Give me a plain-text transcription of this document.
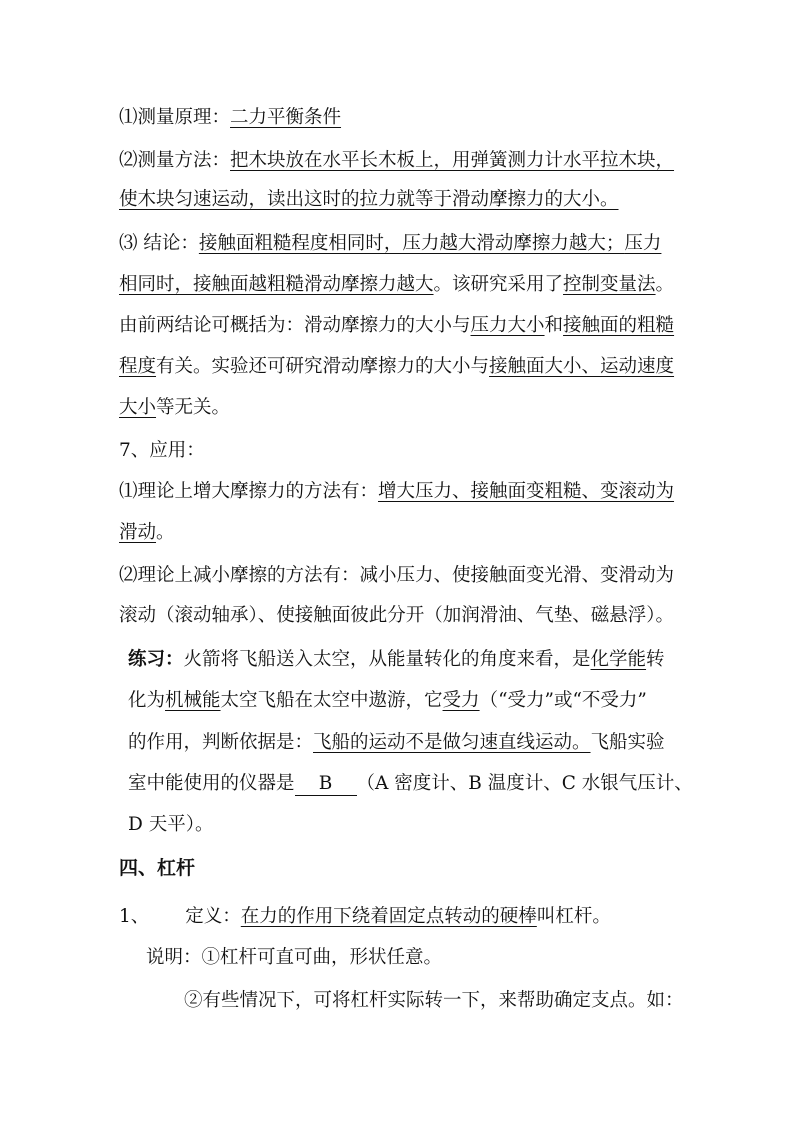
⑴测量原理：二力平衡条件
⑵测量方法：把木块放在水平长木板上，用弹簧测力计水平拉木块，
使木块匀速运动，读出这时的拉力就等于滑动摩擦力的大小。
⑶ 结论：接触面粗糙程度相同时，压力越大滑动摩擦力越大；压力
相同时，接触面越粗糙滑动摩擦力越大。该研究采用了控制变量法。
由前两结论可概括为：滑动摩擦力的大小与压力大小和接触面的粗糙
程度有关。实验还可研究滑动摩擦力的大小与接触面大小、运动速度
大小等无关。
7、应用：
⑴理论上增大摩擦力的方法有：增大压力、接触面变粗糙、变滚动为
滑动。
⑵理论上减小摩擦的方法有：减小压力、使接触面变光滑、变滑动为
滚动（滚动轴承）、使接触面彼此分开（加润滑油、气垫、磁悬浮）。
练习：火箭将飞船送入太空，从能量转化的角度来看，是化学能转
化为机械能太空飞船在太空中遨游，它受力（“受力”或“不受力”
的作用，判断依据是：飞船的运动不是做匀速直线运动。飞船实验
室中能使用的仪器是 B （A 密度计、B 温度计、C 水银气压计、
D 天平）。
四、杠杆
1、 定义：在力的作用下绕着固定点转动的硬棒叫杠杆。
说明：①杠杆可直可曲，形状任意。
②有些情况下，可将杠杆实际转一下，来帮助确定支点。如：
